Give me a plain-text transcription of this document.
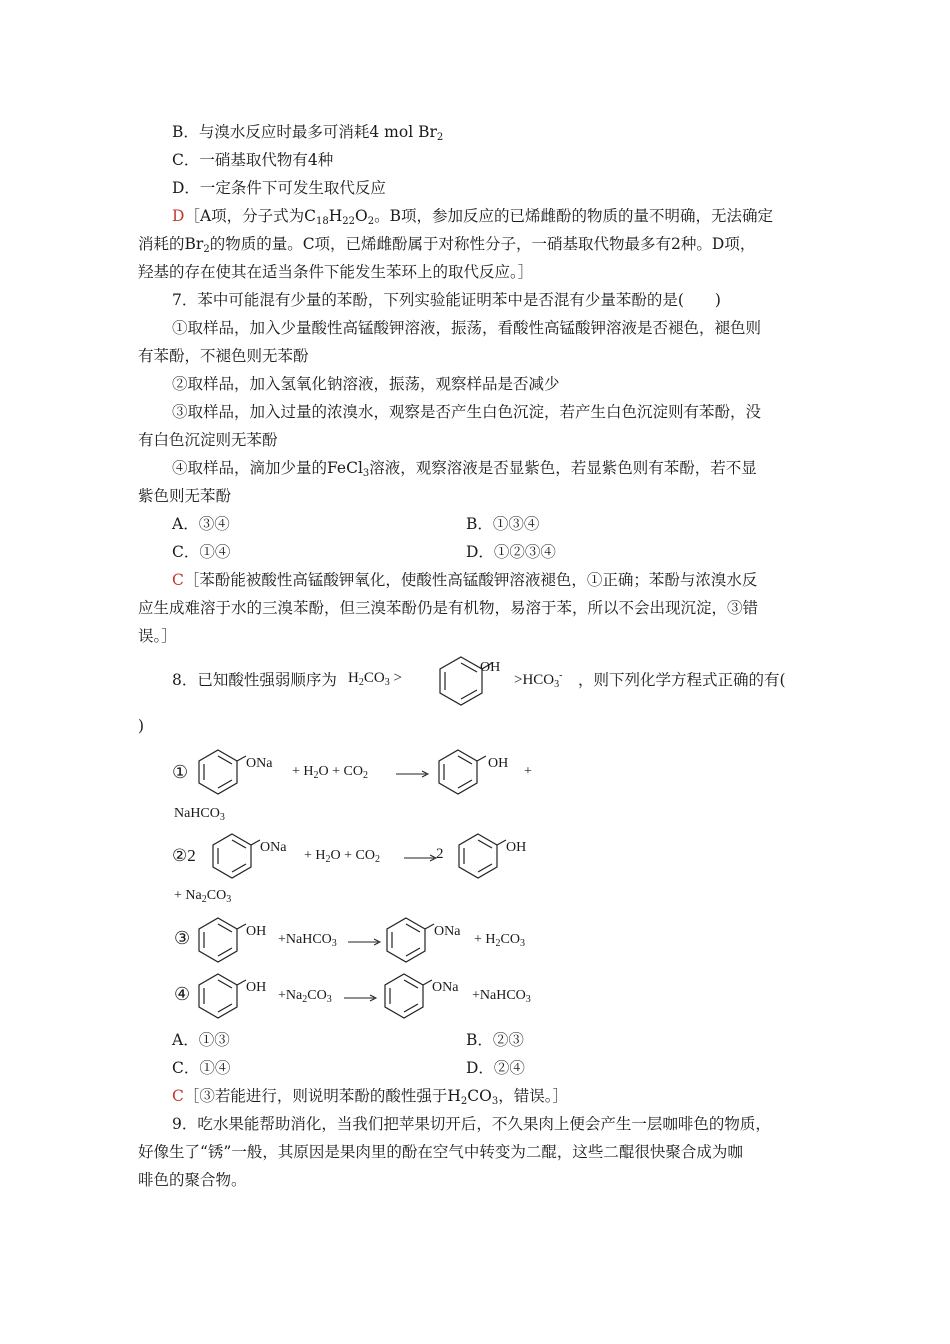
B．与溴水反应时最多可消耗4 mol $Br_2$
C．一硝基取代物有4种
D．一定条件下可发生取代反应
D［A项，分子式为$C_{18}H_{22}O_2$。B项，参加反应的已烯雌酚的物质的量不明确，无法确定
消耗的$Br_2$的物质的量。C项，已烯雌酚属于对称性分子，一硝基取代物最多有2种。D项，
羟基的存在使其在适当条件下能发生苯环上的取代反应。］
7．苯中可能混有少量的苯酚，下列实验能证明苯中是否混有少量苯酚的是(　　)
①取样品，加入少量酸性高锰酸钾溶液，振荡，看酸性高锰酸钾溶液是否褪色，褪色则
有苯酚，不褪色则无苯酚
②取样品，加入氢氧化钠溶液，振荡，观察样品是否减少
③取样品，加入过量的浓溴水，观察是否产生白色沉淀，若产生白色沉淀则有苯酚，没
有白色沉淀则无苯酚
④取样品，滴加少量的FeCl$_3$溶液，观察溶液是否显紫色，若显紫色则有苯酚，若不显
紫色则无苯酚
A．③④	B．①③④
C．①④	D．①②③④
C［苯酚能被酸性高锰酸钾氧化，使酸性高锰酸钾溶液褪色，①正确；苯酚与浓溴水反
应生成难溶于水的三溴苯酚，但三溴苯酚仍是有机物，易溶于苯，所以不会出现沉淀，③错
误。］
8．已知酸性强弱顺序为 $H_2CO_3$ >
OH
$>HCO_3^-$ ，则下列化学方程式正确的有(
)
①	ONa
+ $H_2O + CO_2$
OH
+
NaHCO$_3$
②2	ONa
+ $H_2O + CO_2$	2	OH
+ $Na_2CO_3$
③	OH
+NaHCO$_3$ →
ONa
+ $H_2CO_3$
④	OH
$+Na_2CO_3$ →
ONa
+NaHCO$_3$
A．①③	B．②③
C．①④	D．②④
C［③若能进行，则说明苯酚的酸性强于$H_2CO_3$，错误。］
9．吃水果能帮助消化，当我们把苹果切开后，不久果肉上便会产生一层咖啡色的物质，
好像生了“锈”一般，其原因是果肉里的酚在空气中转变为二醌，这些二醌很快聚合成为咖
啡色的聚合物。
